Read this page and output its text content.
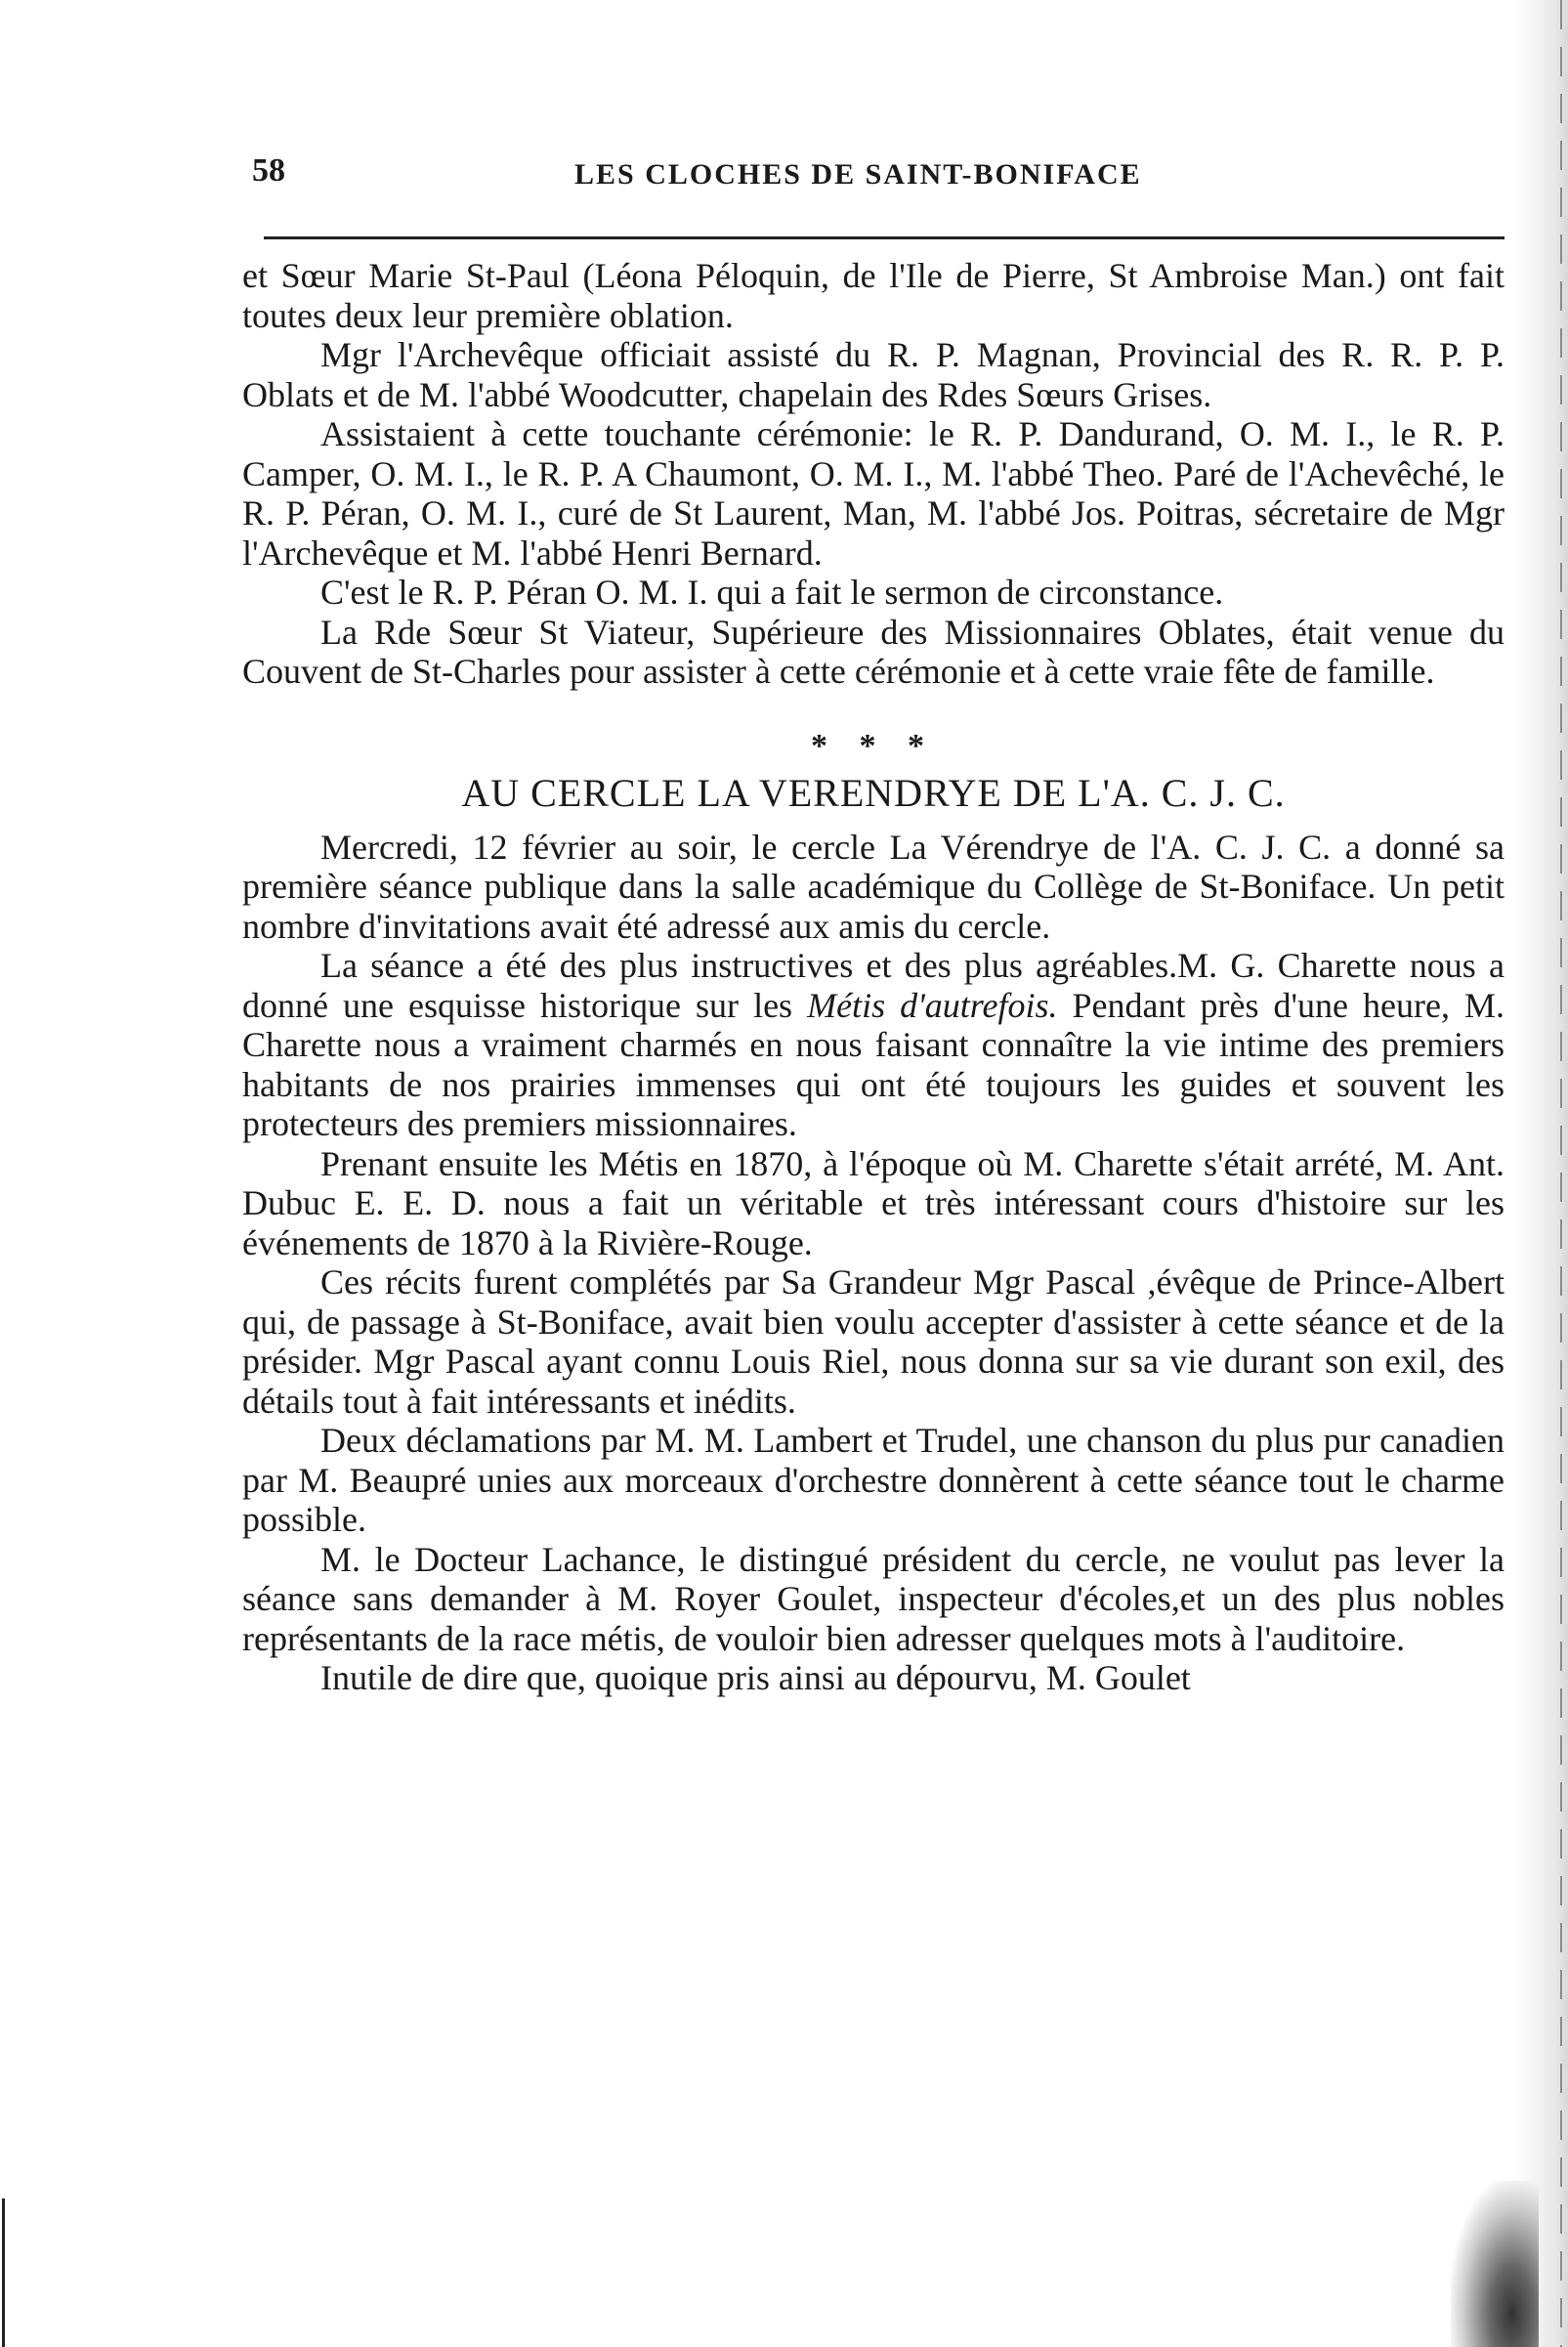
58	LES CLOCHES DE SAINT-BONIFACE

et Sœur Marie St-Paul (Léona Péloquin, de l'Ile de Pierre, St Ambroise Man.) ont fait toutes deux leur première oblation.

Mgr l'Archevêque officiait assisté du R. P. Magnan, Provincial des R. R. P. P. Oblats et de M. l'abbé Woodcutter, chapelain des Rdes Sœurs Grises.

Assistaient à cette touchante cérémonie: le R. P. Dandurand, O. M. I., le R. P. Camper, O. M. I., le R. P. A Chaumont, O. M. I., M. l'abbé Theo. Paré de l'Achevêché, le R. P. Péran, O. M. I., curé de St Laurent, Man, M. l'abbé Jos. Poitras, sécretaire de Mgr l'Archevêque et M. l'abbé Henri Bernard.

C'est le R. P. Péran O. M. I. qui a fait le sermon de circonstance.

La Rde Sœur St Viateur, Supérieure des Missionnaires Oblates, était venue du Couvent de St-Charles pour assister à cette cérémonie et à cette vraie fête de famille.

* * *
AU CERCLE LA VERENDRYE DE L'A. C. J. C.

Mercredi, 12 février au soir, le cercle La Vérendrye de l'A. C. J. C. a donné sa première séance publique dans la salle académique du Collège de St-Boniface. Un petit nombre d'invitations avait été adressé aux amis du cercle.

La séance a été des plus instructives et des plus agréables.M. G. Charette nous a donné une esquisse historique sur les Métis d'autrefois. Pendant près d'une heure, M. Charette nous a vraiment charmés en nous faisant connaître la vie intime des premiers habitants de nos prairies immenses qui ont été toujours les guides et souvent les protecteurs des premiers missionnaires.

Prenant ensuite les Métis en 1870, à l'époque où M. Charette s'était arrété, M. Ant. Dubuc E. E. D. nous a fait un véritable et très intéressant cours d'histoire sur les événements de 1870 à la Rivière-Rouge.

Ces récits furent complétés par Sa Grandeur Mgr Pascal ,évêque de Prince-Albert qui, de passage à St-Boniface, avait bien voulu accepter d'assister à cette séance et de la présider. Mgr Pascal ayant connu Louis Riel, nous donna sur sa vie durant son exil, des détails tout à fait intéressants et inédits.

Deux déclamations par M. M. Lambert et Trudel, une chanson du plus pur canadien par M. Beaupré unies aux morceaux d'orchestre donnèrent à cette séance tout le charme possible.

M. le Docteur Lachance, le distingué président du cercle, ne voulut pas lever la séance sans demander à M. Royer Goulet, inspecteur d'écoles,et un des plus nobles représentants de la race métis, de vouloir bien adresser quelques mots à l'auditoire.

Inutile de dire que, quoique pris ainsi au dépourvu, M. Goulet
